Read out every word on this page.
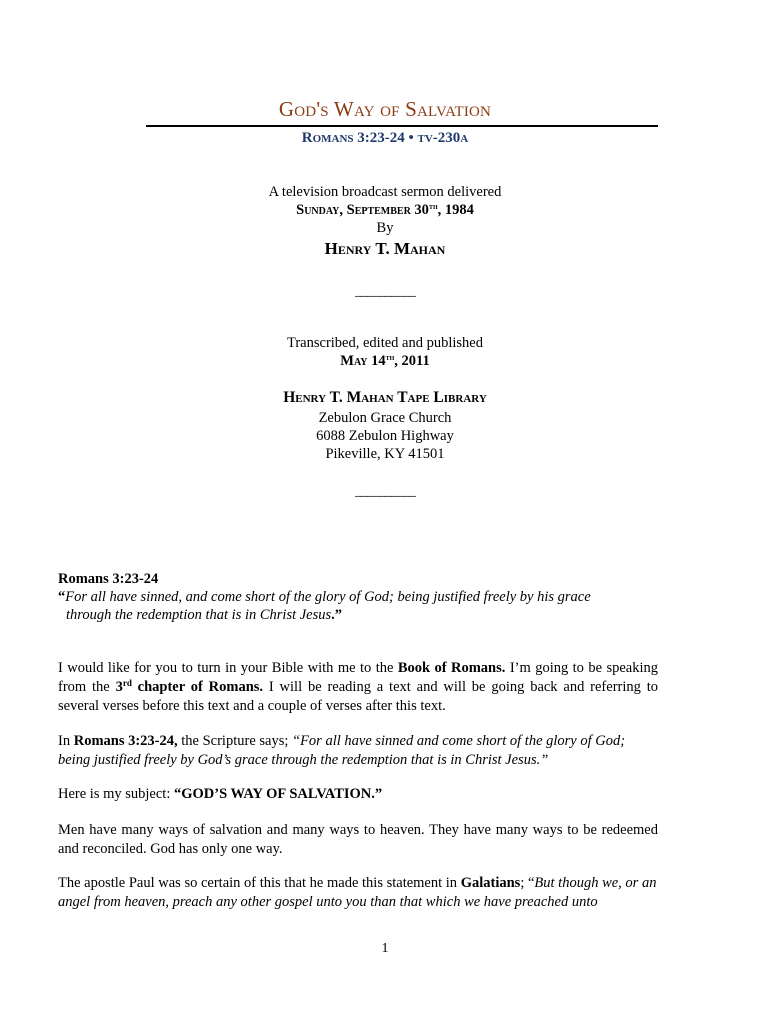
God's Way of Salvation
Romans 3:23-24 • tv-230a
A television broadcast sermon delivered
Sunday, September 30th, 1984
By
Henry T. Mahan
__________
Transcribed, edited and published
May 14th, 2011
Henry T. Mahan Tape Library
Zebulon Grace Church
6088 Zebulon Highway
Pikeville, KY 41501
__________
Romans 3:23-24
“For all have sinned, and come short of the glory of God; being justified freely by his grace
through the redemption that is in Christ Jesus.”
I would like for you to turn in your Bible with me to the Book of Romans. I’m going to be speaking from the 3rd chapter of Romans. I will be reading a text and will be going back and referring to several verses before this text and a couple of verses after this text.
In Romans 3:23-24, the Scripture says; “For all have sinned and come short of the glory of God; being justified freely by God’s grace through the redemption that is in Christ Jesus.”
Here is my subject: “GOD’S WAY OF SALVATION.”
Men have many ways of salvation and many ways to heaven. They have many ways to be redeemed and reconciled. God has only one way.
The apostle Paul was so certain of this that he made this statement in Galatians; “But though we, or an angel from heaven, preach any other gospel unto you than that which we have preached unto
1
